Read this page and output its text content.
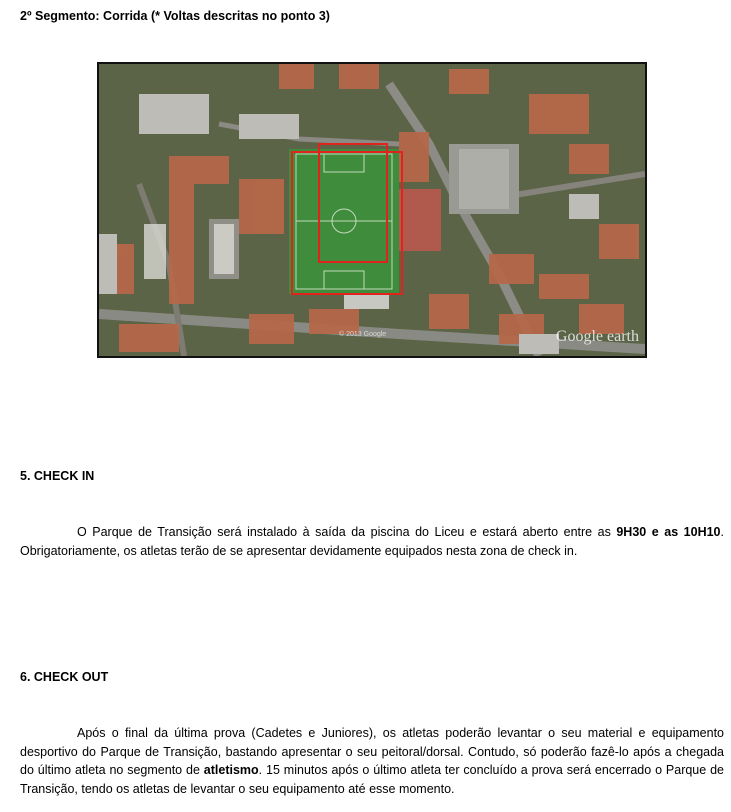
2º Segmento: Corrida (* Voltas descritas no ponto 3)
Google earth
© 2013 Google
5. CHECK IN
O Parque de Transição será instalado à saída da piscina do Liceu e estará aberto entre as 9H30 e as 10H10. Obrigatoriamente, os atletas terão de se apresentar devidamente equipados nesta zona de check in.
6. CHECK OUT
Após o final da última prova (Cadetes e Juniores), os atletas poderão levantar o seu material e equipamento desportivo do Parque de Transição, bastando apresentar o seu peitoral/dorsal. Contudo, só poderão fazê-lo após a chegada do último atleta no segmento de atletismo. 15 minutos após o último atleta ter concluído a prova será encerrado o Parque de Transição, tendo os atletas de levantar o seu equipamento até esse momento.
